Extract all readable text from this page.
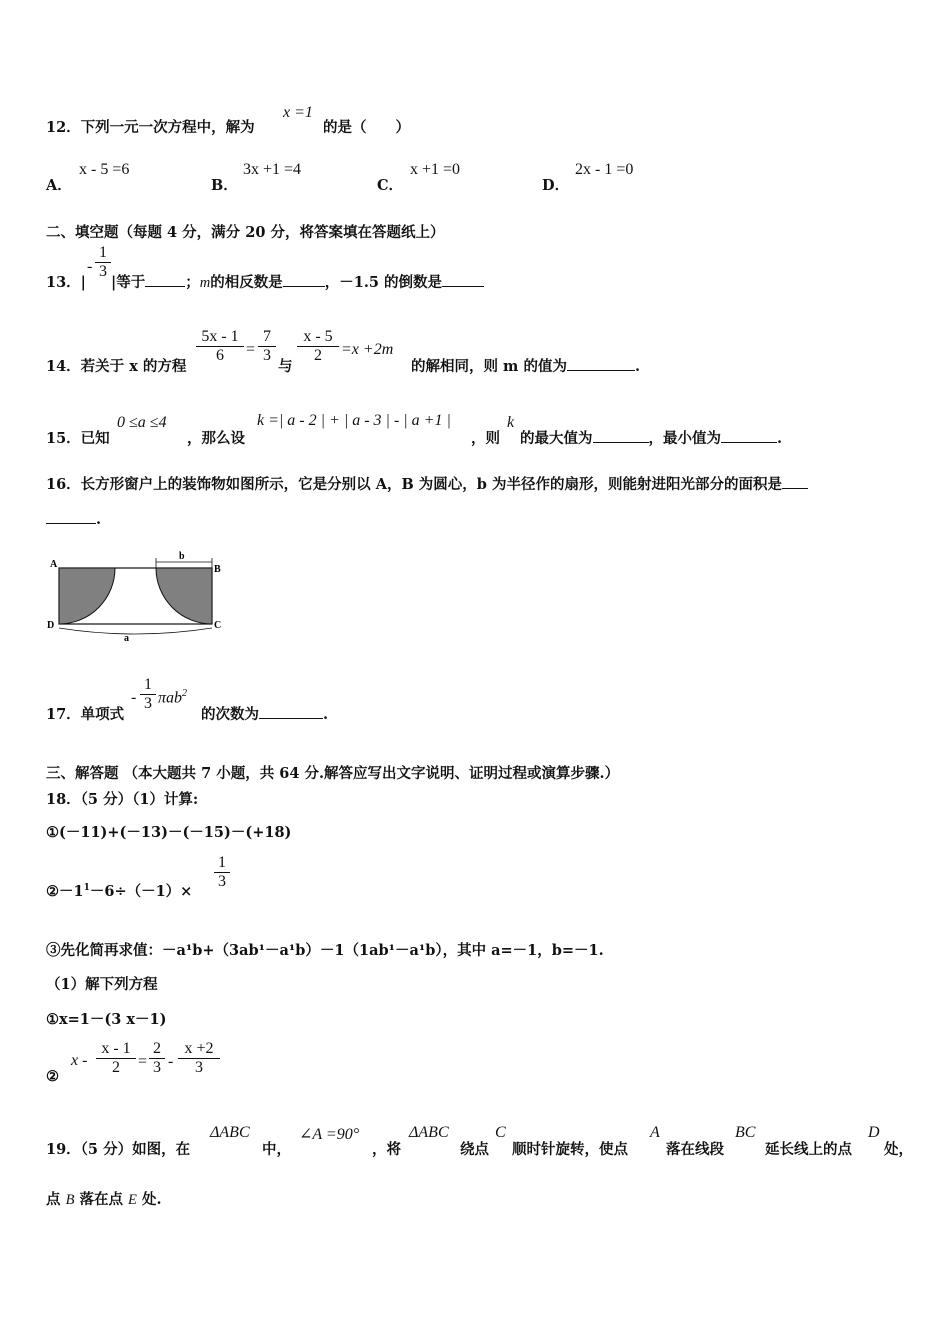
12．下列一元一次方程中，解为
x =1
的是（　　）
A．
x - 5 =6
B．
3x +1 =4
C．
x +1 =0
D．
2x - 1 =0
二、填空题（每题 4 分，满分 20 分，将答案填在答题纸上）
13．|
-
1
3
|等于	；m的相反数是	，－1.5 的倒数是
14．若关于 x 的方程
5x - 1
6	=
7
3
与
x - 5
2	=x +2m
的解相同，则 m 的值为	.
15．已知
0 ≤a ≤4
，那么设
k =| a - 2 | + | a - 3 | - | a +1 |
，则
k
的最大值为	，最小值为	.
16．长方形窗户上的装饰物如图所示，它是分别以 A，B 为圆心，b 为半径作的扇形，则能射进阳光部分的面积是
.
A	B
C
D
a
b
17．单项式
-
1
3 πab$^2$
的次数为	.
三、解答题 （本大题共 7 小题，共 64 分.解答应写出文字说明、证明过程或演算步骤.）
18．（5 分）（1）计算:
①(－11)+(－13)－(－15)－(+18)
$②-1^1-6\div(-1)\times$
1
3
③先化简再求值：－a¹b+（3ab¹－a¹b）－1（1ab¹－a¹b），其中 a=－1，b=－1.
（1）解下列方程
①x=1－(3 x－1)
②
x -
x - 1
2	=
2
3 -
x +2
3
19．（5 分）如图，在
ΔABC
中，
∠A =90°
，将
ΔABC
绕点
C
顺时针旋转，使点
A
落在线段
BC
延长线上的点
D
处，
点 B 落在点 E 处.
